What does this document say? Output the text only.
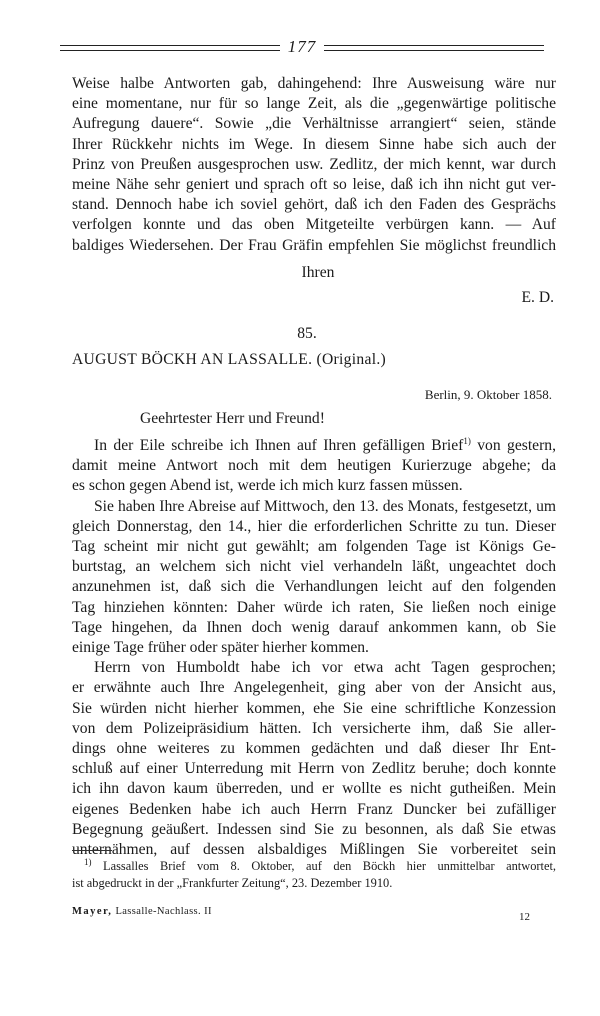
177
Weise halbe Antworten gab, dahingehend: Ihre Ausweisung wäre nur
eine momentane, nur für so lange Zeit, als die „gegenwärtige politische
Aufregung dauere“. Sowie „die Verhältnisse arrangiert“ seien, stände
Ihrer Rückkehr nichts im Wege. In diesem Sinne habe sich auch der
Prinz von Preußen ausgesprochen usw. Zedlitz, der mich kennt, war durch
meine Nähe sehr geniert und sprach oft so leise, daß ich ihn nicht gut ver-
stand. Dennoch habe ich soviel gehört, daß ich den Faden des Gesprächs
verfolgen konnte und das oben Mitgeteilte verbürgen kann. — Auf
baldiges Wiedersehen. Der Frau Gräfin empfehlen Sie möglichst freundlich
Ihren
E. D.
85.
AUGUST BÖCKH AN LASSALLE. (Original.)
Berlin, 9. Oktober 1858.
Geehrtester Herr und Freund!
In der Eile schreibe ich Ihnen auf Ihren gefälligen Brief$^{1)}$ von gestern,
damit meine Antwort noch mit dem heutigen Kurierzuge abgehe; da
es schon gegen Abend ist, werde ich mich kurz fassen müssen.
Sie haben Ihre Abreise auf Mittwoch, den 13. des Monats, festgesetzt, um
gleich Donnerstag, den 14., hier die erforderlichen Schritte zu tun. Dieser
Tag scheint mir nicht gut gewählt; am folgenden Tage ist Königs Ge-
burtstag, an welchem sich nicht viel verhandeln läßt, ungeachtet doch
anzunehmen ist, daß sich die Verhandlungen leicht auf den folgenden
Tag hinziehen könnten: Daher würde ich raten, Sie ließen noch einige
Tage hingehen, da Ihnen doch wenig darauf ankommen kann, ob Sie
einige Tage früher oder später hierher kommen.
Herrn von Humboldt habe ich vor etwa acht Tagen gesprochen;
er erwähnte auch Ihre Angelegenheit, ging aber von der Ansicht aus,
Sie würden nicht hierher kommen, ehe Sie eine schriftliche Konzession
von dem Polizeipräsidium hätten. Ich versicherte ihm, daß Sie aller-
dings ohne weiteres zu kommen gedächten und daß dieser Ihr Ent-
schluß auf einer Unterredung mit Herrn von Zedlitz beruhe; doch konnte
ich ihn davon kaum überreden, und er wollte es nicht gutheißen. Mein
eigenes Bedenken habe ich auch Herrn Franz Duncker bei zufälliger
Begegnung geäußert. Indessen sind Sie zu besonnen, als daß Sie etwas
unternähmen, auf dessen alsbaldiges Mißlingen Sie vorbereitet sein
$^{1)}$ Lassalles Brief vom 8. Oktober, auf den Böckh hier unmittelbar antwortet,
ist abgedruckt in der „Frankfurter Zeitung“, 23. Dezember 1910.
Mayer, Lassalle-Nachlass. II	12
